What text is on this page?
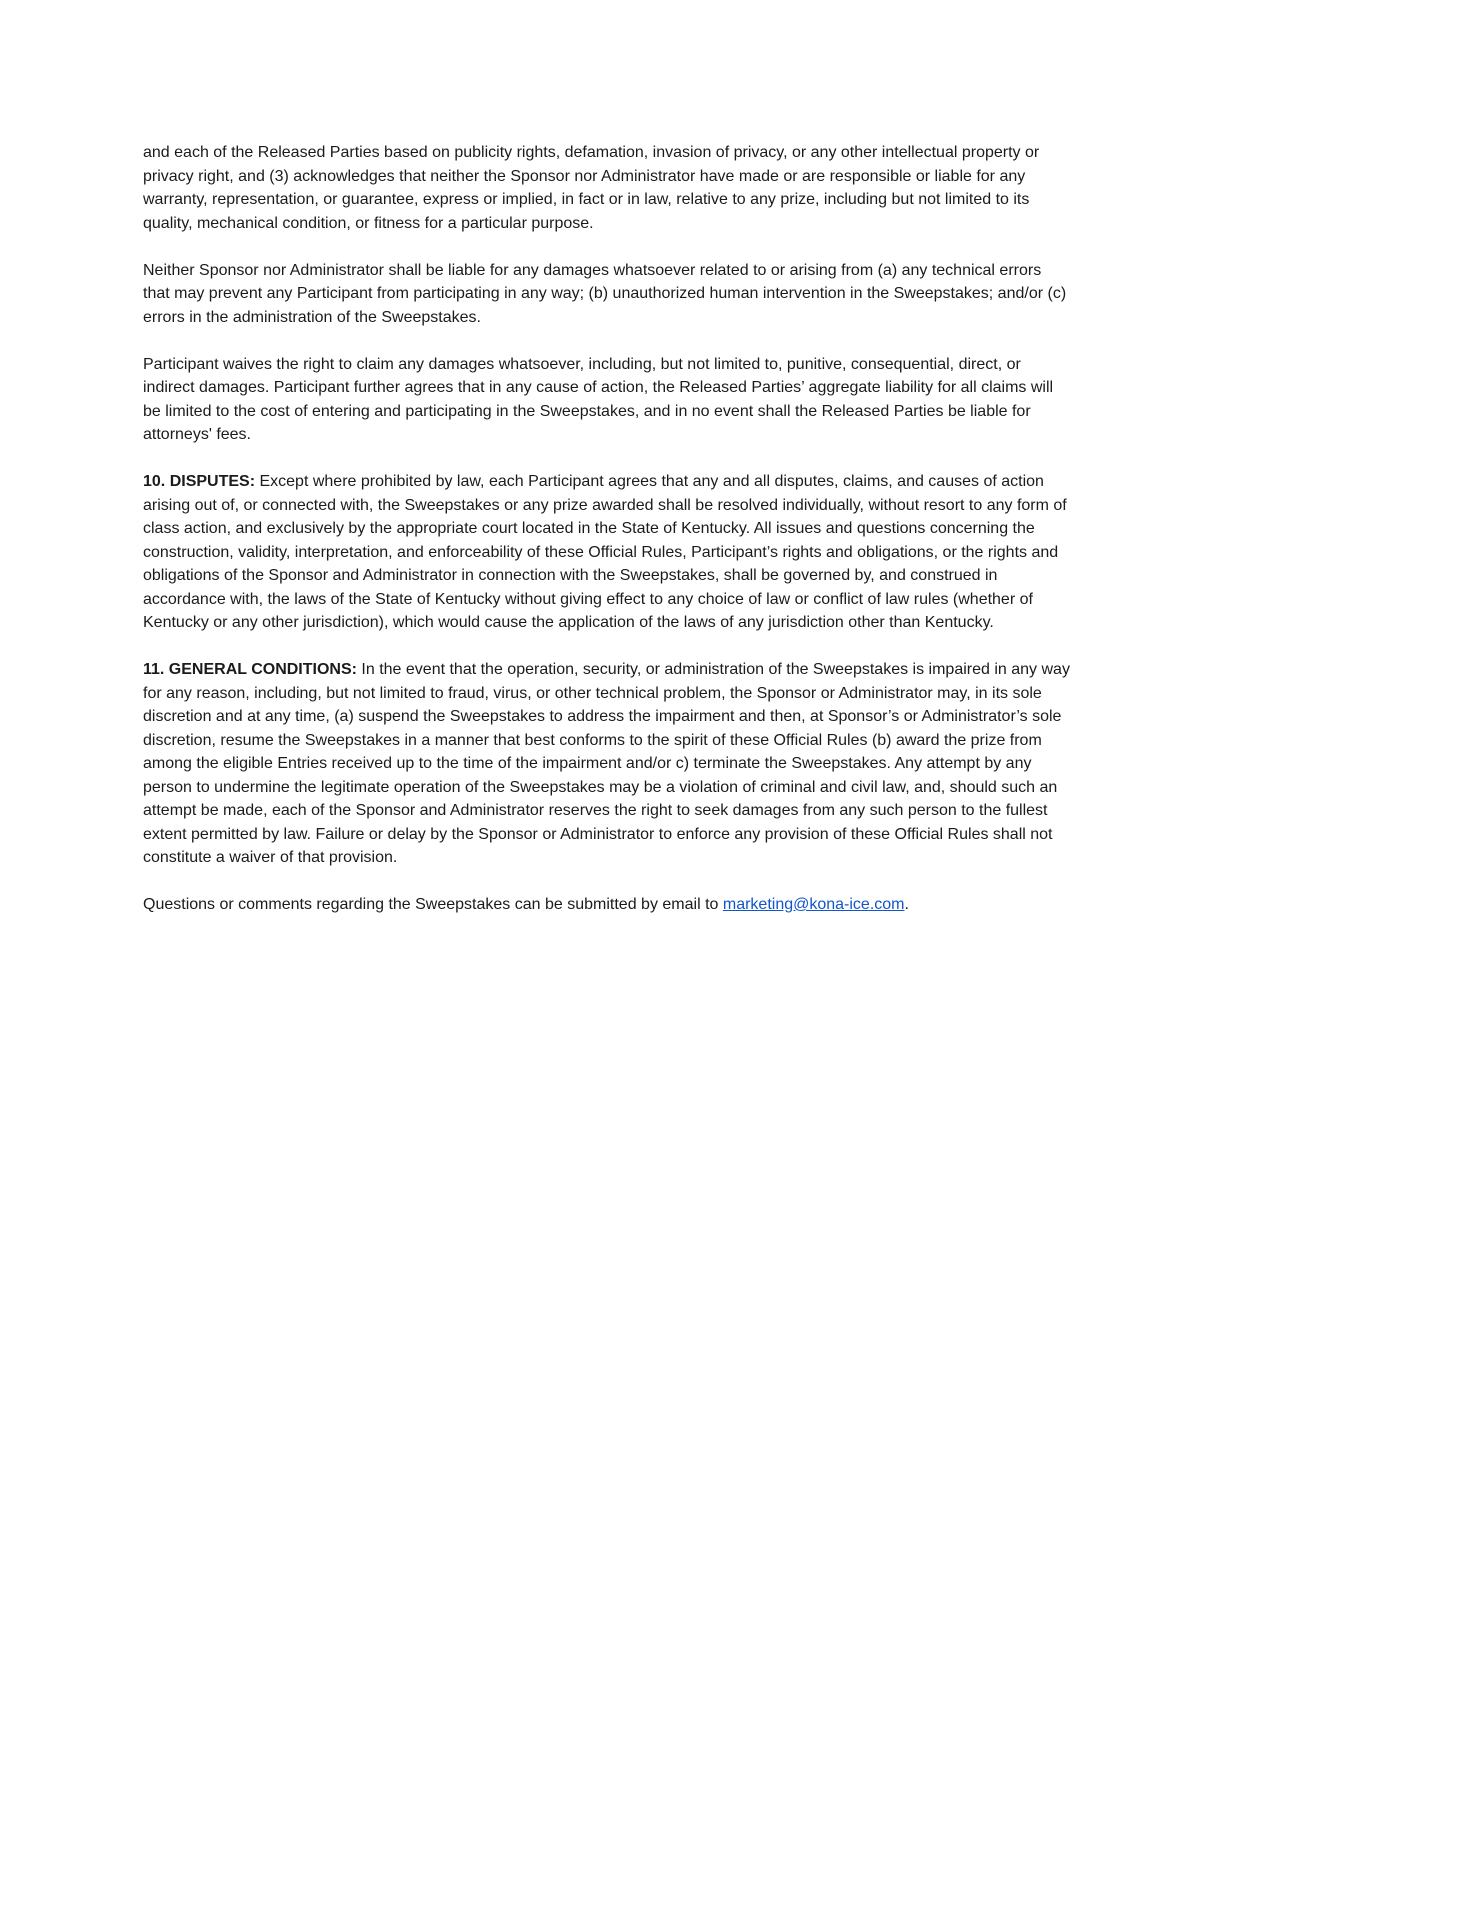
and each of the Released Parties based on publicity rights, defamation, invasion of privacy, or any other intellectual property or privacy right, and (3) acknowledges that neither the Sponsor nor Administrator have made or are responsible or liable for any warranty, representation, or guarantee, express or implied, in fact or in law, relative to any prize, including but not limited to its quality, mechanical condition, or fitness for a particular purpose.

Neither Sponsor nor Administrator shall be liable for any damages whatsoever related to or arising from (a) any technical errors that may prevent any Participant from participating in any way; (b) unauthorized human intervention in the Sweepstakes; and/or (c) errors in the administration of the Sweepstakes.

Participant waives the right to claim any damages whatsoever, including, but not limited to, punitive, consequential, direct, or indirect damages. Participant further agrees that in any cause of action, the Released Parties’ aggregate liability for all claims will be limited to the cost of entering and participating in the Sweepstakes, and in no event shall the Released Parties be liable for attorneys' fees.

10. DISPUTES: Except where prohibited by law, each Participant agrees that any and all disputes, claims, and causes of action arising out of, or connected with, the Sweepstakes or any prize awarded shall be resolved individually, without resort to any form of class action, and exclusively by the appropriate court located in the State of Kentucky. All issues and questions concerning the construction, validity, interpretation, and enforceability of these Official Rules, Participant’s rights and obligations, or the rights and obligations of the Sponsor and Administrator in connection with the Sweepstakes, shall be governed by, and construed in accordance with, the laws of the State of Kentucky without giving effect to any choice of law or conflict of law rules (whether of Kentucky or any other jurisdiction), which would cause the application of the laws of any jurisdiction other than Kentucky.

11. GENERAL CONDITIONS: In the event that the operation, security, or administration of the Sweepstakes is impaired in any way for any reason, including, but not limited to fraud, virus, or other technical problem, the Sponsor or Administrator may, in its sole discretion and at any time, (a) suspend the Sweepstakes to address the impairment and then, at Sponsor’s or Administrator’s sole discretion, resume the Sweepstakes in a manner that best conforms to the spirit of these Official Rules (b) award the prize from among the eligible Entries received up to the time of the impairment and/or c) terminate the Sweepstakes. Any attempt by any person to undermine the legitimate operation of the Sweepstakes may be a violation of criminal and civil law, and, should such an attempt be made, each of the Sponsor and Administrator reserves the right to seek damages from any such person to the fullest extent permitted by law. Failure or delay by the Sponsor or Administrator to enforce any provision of these Official Rules shall not constitute a waiver of that provision.

Questions or comments regarding the Sweepstakes can be submitted by email to marketing@kona-ice.com.
